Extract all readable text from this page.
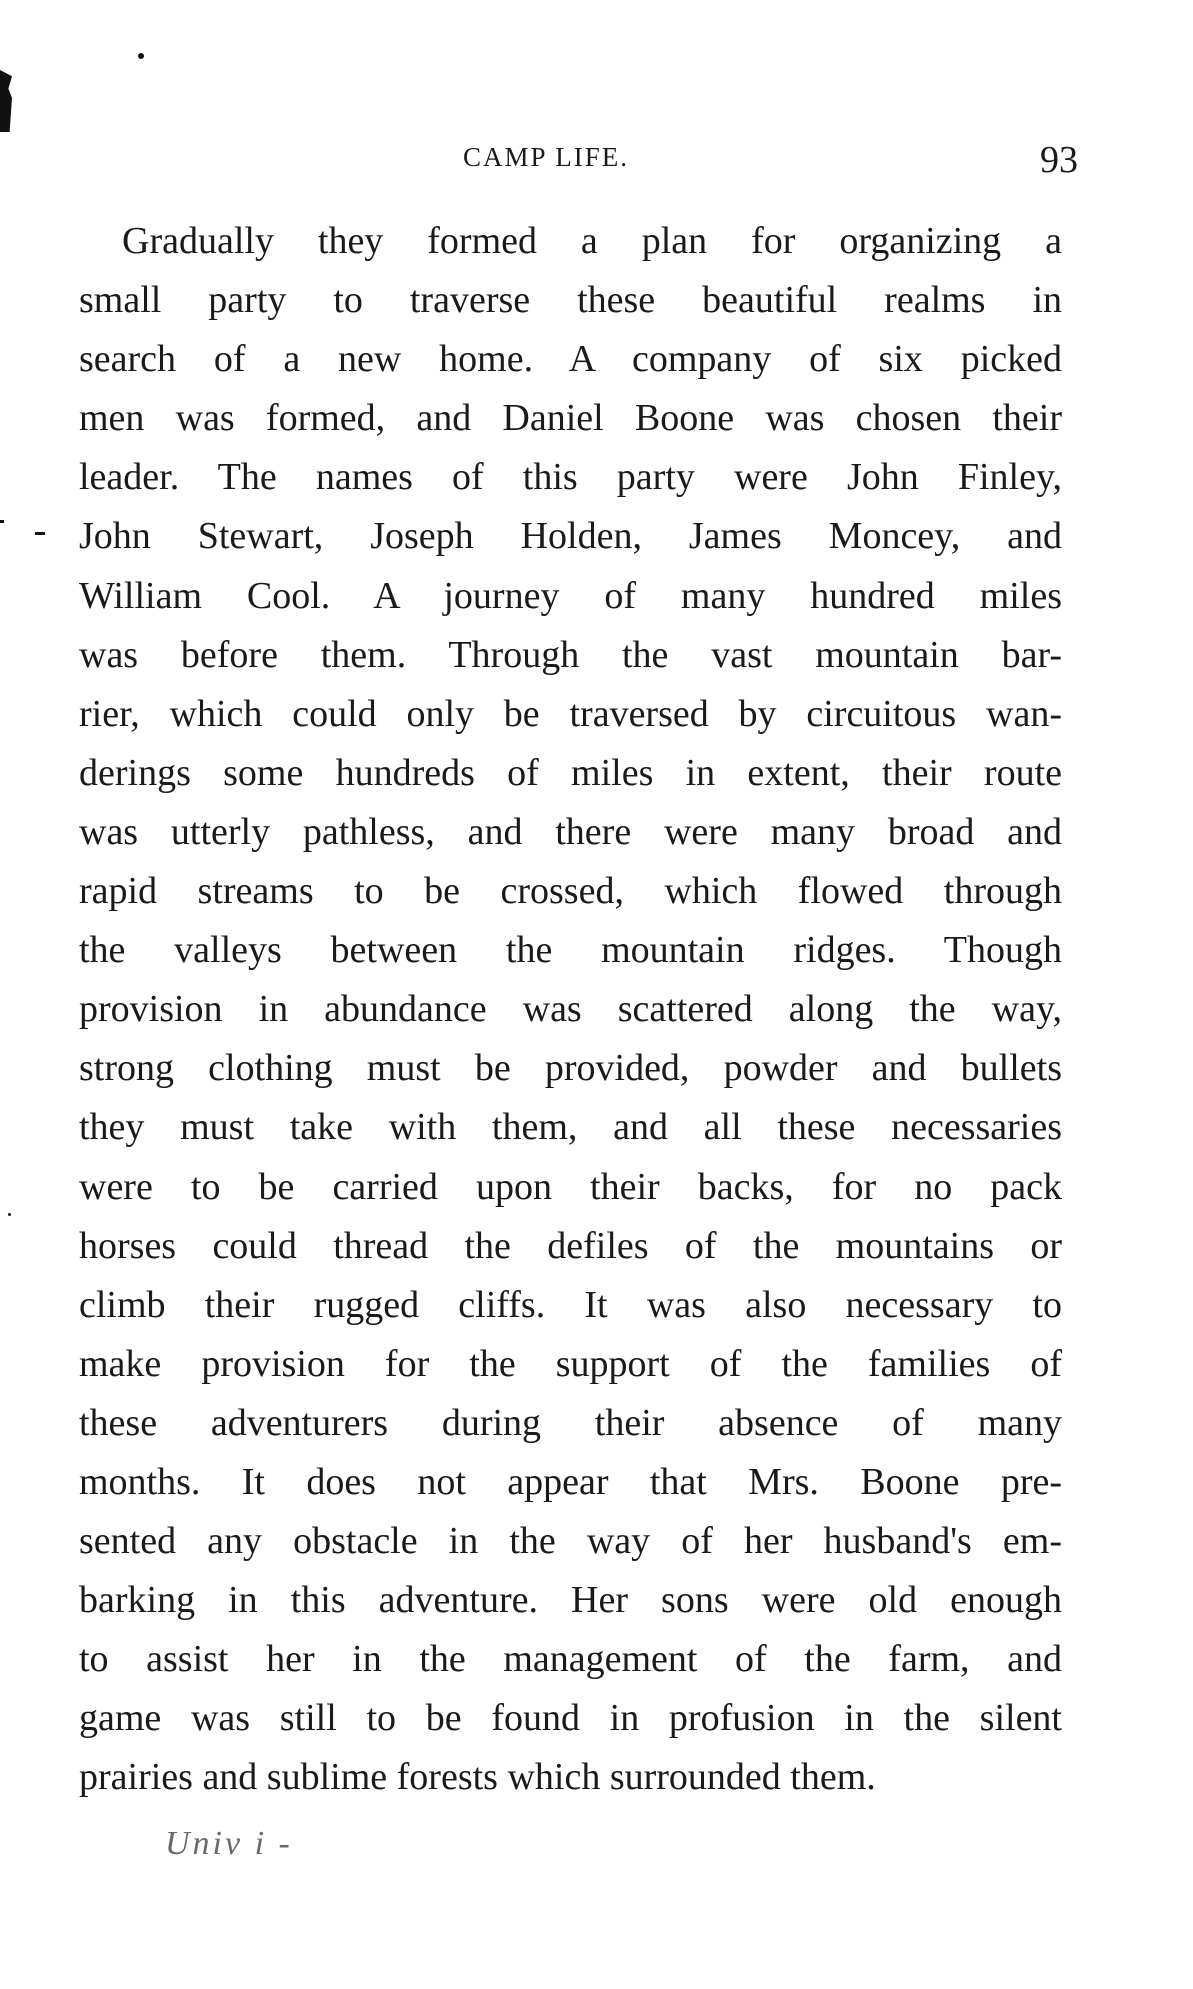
CAMP LIFE.	93
Gradually they formed a plan for organizing a
small party to traverse these beautiful realms in
search of a new home. A company of six picked
men was formed, and Daniel Boone was chosen their
leader. The names of this party were John Finley,
John Stewart, Joseph Holden, James Moncey, and
William Cool. A journey of many hundred miles
was before them. Through the vast mountain bar-
rier, which could only be traversed by circuitous wan-
derings some hundreds of miles in extent, their route
was utterly pathless, and there were many broad and
rapid streams to be crossed, which flowed through
the valleys between the mountain ridges. Though
provision in abundance was scattered along the way,
strong clothing must be provided, powder and bullets
they must take with them, and all these necessaries
were to be carried upon their backs, for no pack
horses could thread the defiles of the mountains or
climb their rugged cliffs. It was also necessary to
make provision for the support of the families of
these adventurers during their absence of many
months. It does not appear that Mrs. Boone pre-
sented any obstacle in the way of her husband's em-
barking in this adventure. Her sons were old enough
to assist her in the management of the farm, and
game was still to be found in profusion in the silent
prairies and sublime forests which surrounded them.
Univ i -
